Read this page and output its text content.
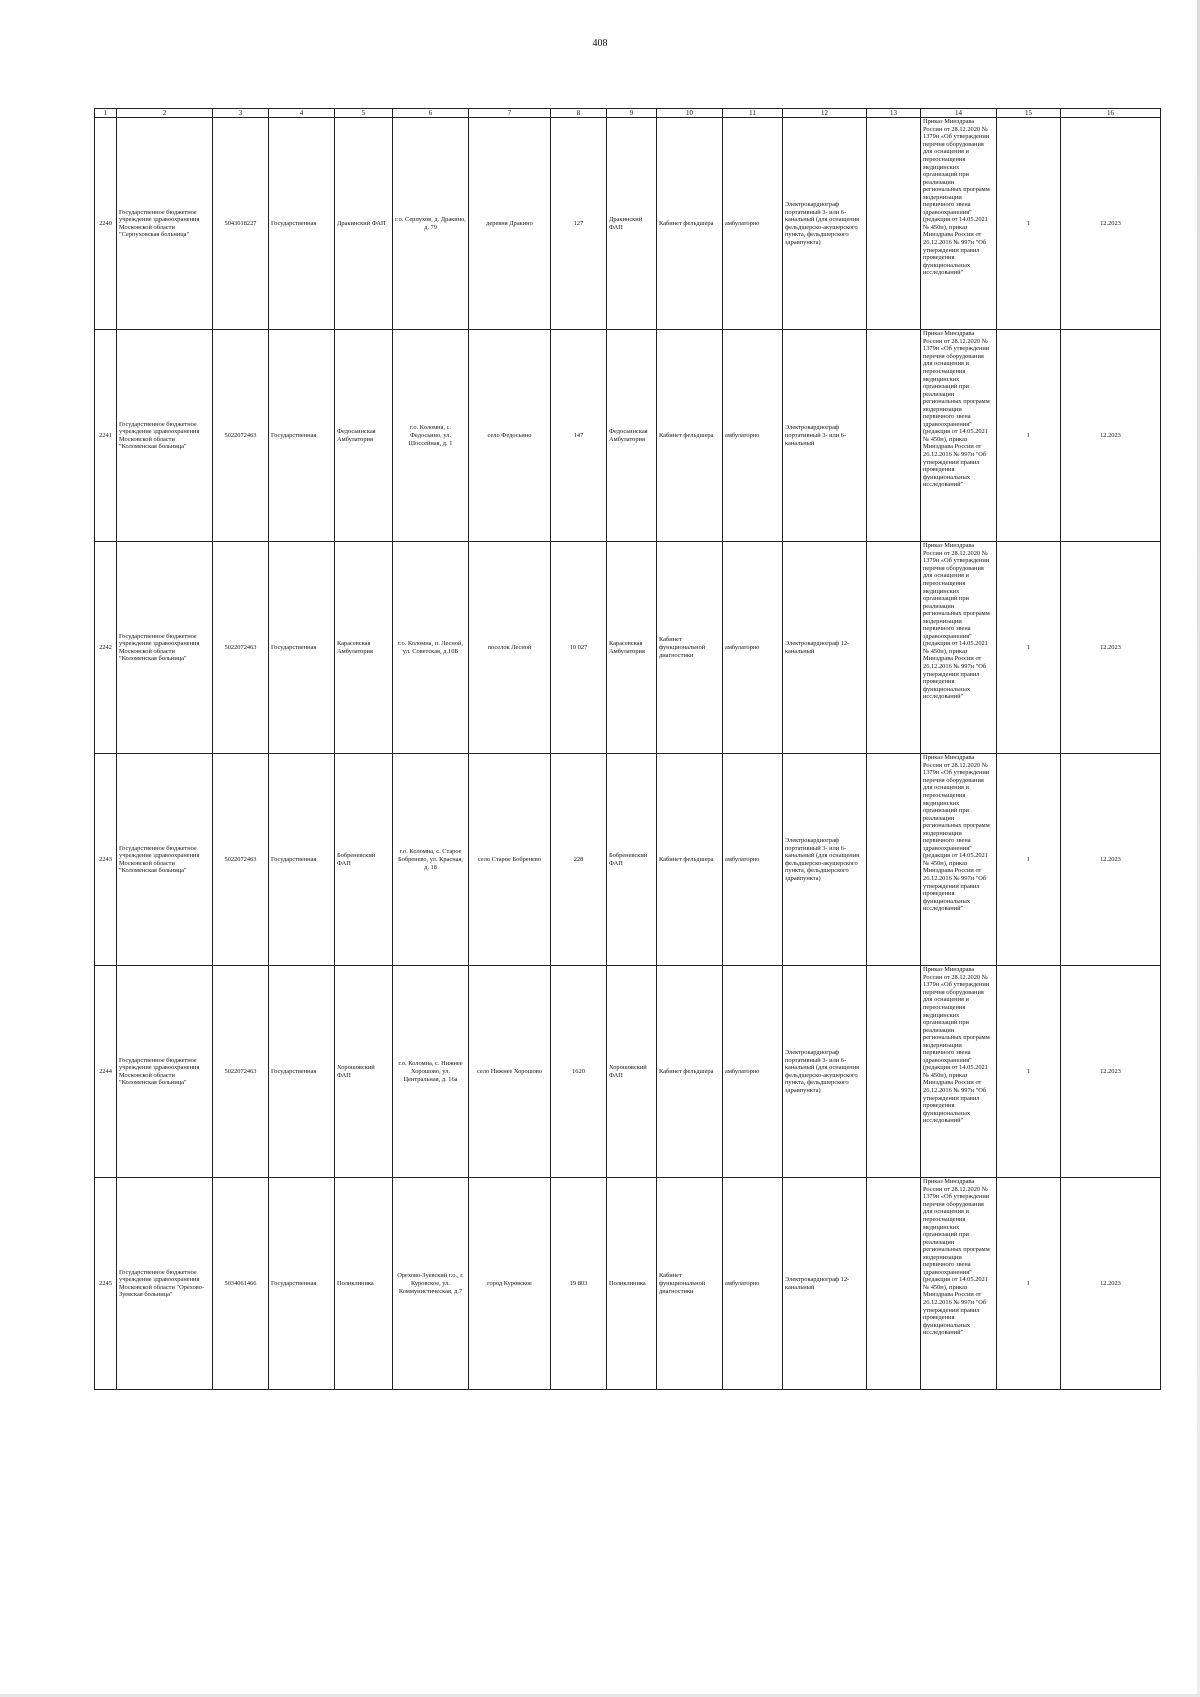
408
1	2	3	4	5	6	7	8	9	10	11	12	13	14	15	16
2240	Государственное бюджетное учреждение здравоохранения Московской области "Серпуховская больница"	5043018227	Государственная	Дракинский ФАП	г.о. Серпухов, д. Дракино, д. 79	деревня Дракино	127	Дракинский ФАП	Кабинет фельдшера	амбулаторно	Электрокардиограф портативный 3- или 6-канальный (для оснащения фельдшерско-акушерского пункта, фельдшерского здравпункта)		Приказ Минздрава России от 28.12.2020 № 1379н «Об утверждении перечня оборудования для оснащения и переоснащения медицинских организаций при реализации региональных программ модернизации первичного звена здравоохранения"(редакция от 14.05.2021 № 450н), приказ Минздрава России от 26.12.2016 № 997н "Об утверждении правил проведения функциональных исследований"	1	12.2023
2241	Государственное бюджетное учреждение здравоохранения Московской области "Коломенская больница"	5022072463	Государственная	Федосьинская Амбулатория	г.о. Коломна, с. Федосьино, ул. Шоссейная, д. 1	село Федосьино	147	Федосьинская Амбулатория	Кабинет фельдшера	амбулаторно	Электрокардиограф портативный 3- или 6-канальный		Приказ Минздрава России от 28.12.2020 № 1379н «Об утверждении перечня оборудования для оснащения и переоснащения медицинских организаций при реализации региональных программ модернизации первичного звена здравоохранения"(редакция от 14.05.2021 № 450н), приказ Минздрава России от 26.12.2016 № 997н "Об утверждении правил проведения функциональных исследований"	1	12.2023
2242	Государственное бюджетное учреждение здравоохранения Московской области "Коломенская больница"	5022072463	Государственная	Карасевская Амбулатория	г.о. Коломна, п. Лесной, ул. Советская, д.10Б	поселок Лесной	10 027	Карасевская Амбулатория	Кабинет функциональной диагностики	амбулаторно	Электрокардиограф 12-канальный		Приказ Минздрава России от 28.12.2020 № 1379н «Об утверждении перечня оборудования для оснащения и переоснащения медицинских организаций при реализации региональных программ модернизации первичного звена здравоохранения"(редакция от 14.05.2021 № 450н), приказ Минздрава России от 26.12.2016 № 997н "Об утверждении правил проведения функциональных исследований"	1	12.2023
2243	Государственное бюджетное учреждение здравоохранения Московской области "Коломенская больница"	5022072463	Государственная	Бобреневский ФАП	г.о. Коломна, с. Старое Бобренево, ул. Красная, д. 18	село Старое Бобренево	228	Бобреневский ФАП	Кабинет фельдшера	амбулаторно	Электрокардиограф портативный 3- или 6-канальный (для оснащения фельдшерско-акушерского пункта, фельдшерского здравпункта)		Приказ Минздрава России от 28.12.2020 № 1379н «Об утверждении перечня оборудования для оснащения и переоснащения медицинских организаций при реализации региональных программ модернизации первичного звена здравоохранения"(редакция от 14.05.2021 № 450н), приказ Минздрава России от 26.12.2016 № 997н "Об утверждении правил проведения функциональных исследований"	1	12.2023
2244	Государственное бюджетное учреждение здравоохранения Московской области "Коломенская больница"	5022072463	Государственная	Хорошовский ФАП	г.о. Коломна, с. Нижнее Хорошово, ул. Центральная, д. 16а	село Нижнее Хорошово	1620	Хорошовский ФАП	Кабинет фельдшера	амбулаторно	Электрокардиограф портативный 3- или 6-канальный (для оснащения фельдшерско-акушерского пункта, фельдшерского здравпункта)		Приказ Минздрава России от 28.12.2020 № 1379н «Об утверждении перечня оборудования для оснащения и переоснащения медицинских организаций при реализации региональных программ модернизации первичного звена здравоохранения"(редакция от 14.05.2021 № 450н), приказ Минздрава России от 26.12.2016 № 997н "Об утверждении правил проведения функциональных исследований"	1	12.2023
2245	Государственное бюджетное учреждение здравоохранения Московской области "Орехово-Зуевская больница"	5034061466	Государственная	Поликлиника	Орехово-Зуевский г.о., г. Куровское, ул. Коммунистическая, д.7	город Куровское	19 803	Поликлиника	Кабинет функциональной диагностики	амбулаторно	Электрокардиограф 12-канальный		Приказ Минздрава России от 28.12.2020 № 1379н «Об утверждении перечня оборудования для оснащения и переоснащения медицинских организаций при реализации региональных программ модернизации первичного звена здравоохранения"(редакция от 14.05.2021 № 450н), приказ Минздрава России от 26.12.2016 № 997н "Об утверждении правил проведения функциональных исследований"	1	12.2023
